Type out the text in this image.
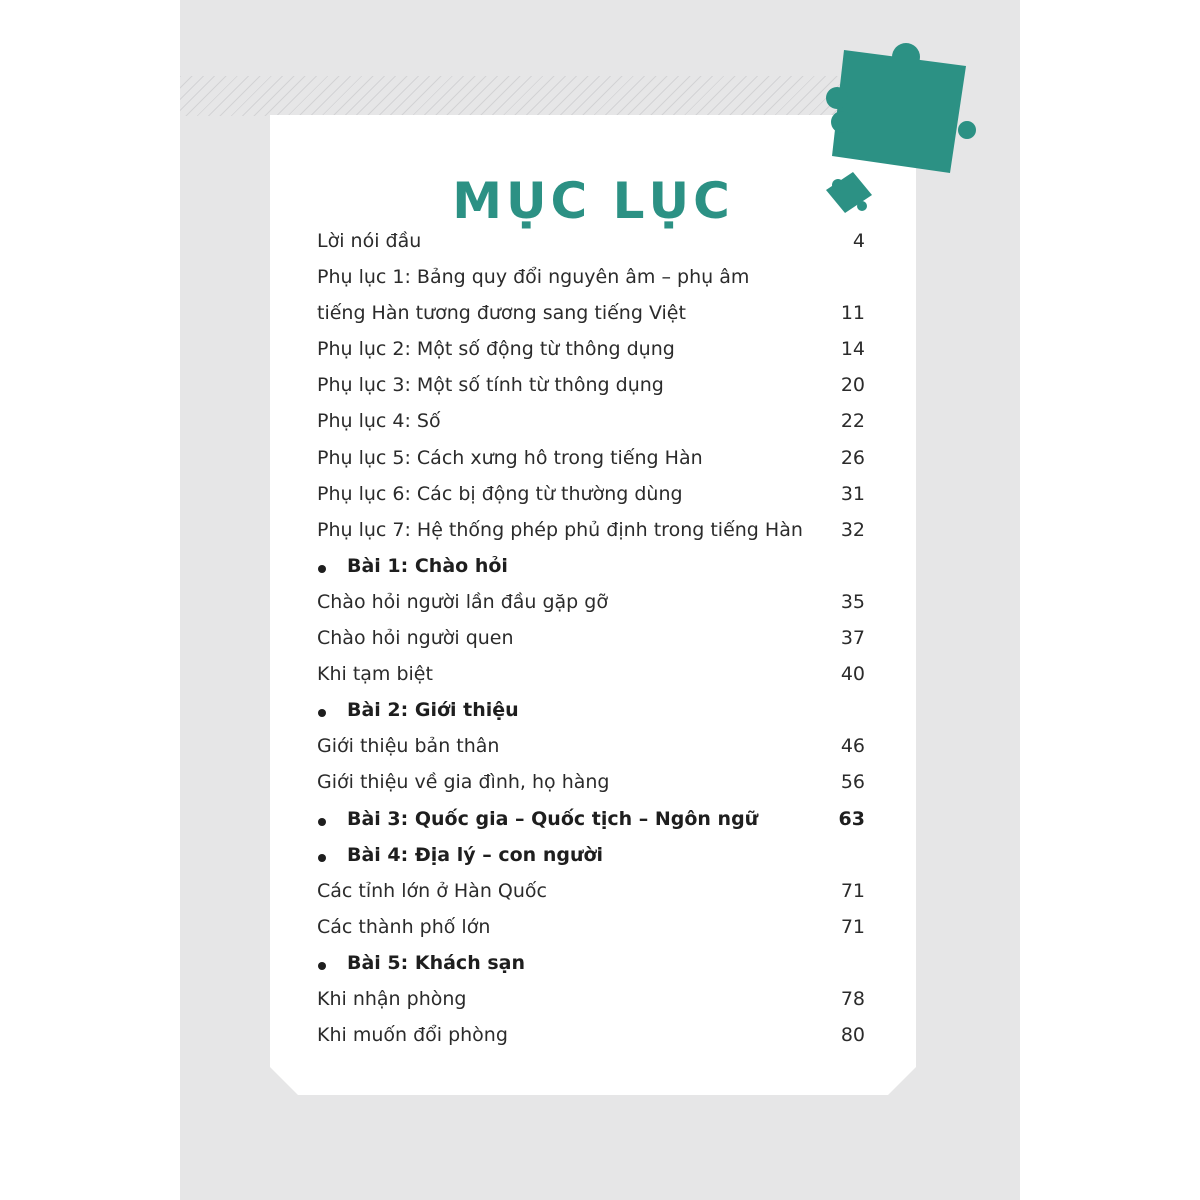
MỤC LỤC
Lời nói đầu	4
Phụ lục 1: Bảng quy đổi nguyên âm – phụ âm
tiếng Hàn tương đương sang tiếng Việt	11
Phụ lục 2: Một số động từ thông dụng	14
Phụ lục 3: Một số tính từ thông dụng	20
Phụ lục 4: Số	22
Phụ lục 5: Cách xưng hô trong tiếng Hàn	26
Phụ lục 6: Các bị động từ thường dùng	31
Phụ lục 7: Hệ thống phép phủ định trong tiếng Hàn 32
Bài 1: Chào hỏi
Chào hỏi người lần đầu gặp gỡ	35
Chào hỏi người quen	37
Khi tạm biệt	40
Bài 2: Giới thiệu
Giới thiệu bản thân	46
Giới thiệu về gia đình, họ hàng	56
Bài 3: Quốc gia – Quốc tịch – Ngôn ngữ	63
Bài 4: Địa lý – con người
Các tỉnh lớn ở Hàn Quốc	71
Các thành phố lớn	71
Bài 5: Khách sạn
Khi nhận phòng	78
Khi muốn đổi phòng	80
